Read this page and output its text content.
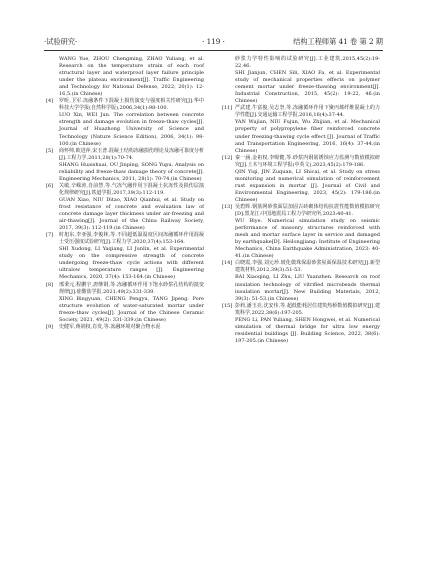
·试验研究·	· 119 ·	结构工程师第 41 卷 第 2 期

WANG Yue, ZHOU Chengming, ZHAO Yuliang, et al. Research on the temperature strain of each roof structural layer and waterproof layer failure principle under the plateau environment[J]. Traffic Engineering and Technology for National Defense, 2022, 20(1): 12-16,5.(in Chinese)

[4]	罗昕,卫军.冻融条件下混凝土损伤演变与强度相关性研究[J].华中科技大学学报(自然科学版),2006,34(1):98-100.

LUO Xin, WEI Jun. The correlation between concrete strength and damage evolution in freeze-thaw cycles[J]. Journal of Huazhong University of Science and Technology (Nature Science Edition), 2006, 34(1): 98-100.(in Chinese)

[5]	商怀帅,欧进萍,宋玉普.混凝土结构冻融损伤理论及冻融可靠度分析[J].工程力学,2011,28(1):70-74.

SHANG Huaishuai, OU Jinping, SONG Yupu. Analysis on reliability and freeze-thaw damage theory of concrete[J]. Engineering Mechanics, 2011, 28(1): 70-74.(in Chinese)

[6]	关敏,辛嵘涛,肖前慧,等.气冻气融作用下混凝土抗冻性及损伤层演化规律研究[J].铁道学报,2017,39(3):112-119.

GUAN Xiao, NIU Ditao, XIAO Qianhui, et al. Study on frost resistance of concrete and evaluation law of concrete damage layer thickness under air-freezing and air-thawing[J]. Journal of the China Railway Society, 2017, 39(3): 112-119.(in Chinese)

[7]	时旭东,李亚强,李俊林,等.不同超低温温度区间冻融循环作用混凝土受压强度试验研究[J].工程力学,2020,37(4):153-164.

SHI Xudong, LI Yaqiang, LI Junlin, et al. Experimental study on the compressive strength of concrete undergoing freeze-thaw cycle actions with different ultralow temperature ranges [J]. Engineering Mechanics, 2020, 37(4): 153-164.(in Chinese)

[8]	邢秉元,程鹏宇,唐继钢,等.冻融循环作用下饱水砂浆孔结构的演变规律[J].硅酸盐学报,2021,49(2):331-339.

XING Bingyuan, CHENG Pengyu, TANG Jipeng. Pore structure evolution of water-saturated mortar under freeze-thaw cycles[J]. Journal of the Chinese Ceramic Society, 2021, 49(2): 331-339.(in Chinese)

[9]	史健军,蒋润权,肖发,等.冻融环境对聚合物水泥

砂浆力学特性影响的试验研究[J].工业建筑,2015,45(2):19-22,46.

SHI Jianjun, CHEN Sili, XIAO Fa, et al. Experimental study of mechanical properties effects on polymer cement mortar under freeze-thawing environment[J]. Industrial Construction, 2015, 45(2): 19-22, 46.(in Chinese)

[11] 严武建,牛富俊,吴志坚,等.冻融循环作用下聚丙烯纤维混凝土的力学性能[J].交通运输工程学报,2016,16(4):37-44.

YAN Wujian, NIU Fujun, Wu Zhijian, et al. Mechanical property of polypropylene fiber reinforced concrete under freezing-thawing cycle effect [J]. Journal of Traffic and Transportation Engineering, 2016, 16(4): 37-44.(in Chinese)

[12] 秦一涵,金祖权,李喔健,等.砂浆内钢筋锈蚀应力监测与数值模拟研究[J].土木与环境工程学报(中英文),2023,45(2):179-186.

QIN Yiqi, JIN Zuquan, LI Shicai, et al. Study on stress monitoring and numerical simulation of reinforcement rust expansion in mortar [J]. Journal of Civil and Environmental Engineering, 2023, 45(2): 179-186.(in Chinese)

[13] 吴碧辉.钢筋网砂浆面层加固古砖砌体结构抗震性能数值模拟研究[D].黑龙江:中国地震局工程力学研究所,2023:40-41.

WU Biye. Numerical simulation study on seismic performance of masonry structures reinforced with mesh and mortar surface layer in service and damaged by earthquake[D]. Heilongjiang: Institute of Engineering Mechanics, China Earthquake Administration, 2023: 40-41.(in Chinese)

[14] 白晓霞,李强,刘元珍.玻化微珠保温砂浆屋面保温技术研究[J].新型建筑材料,2012,39(3):51-53.

BAI Xiaoqing, LI Zhu, LIU Yuanzhen. Research on roof insulation technology of vitrified microbeads thermal insulation mortar[J]. New Building Materials, 2012, 39(3): 51-53.(in Chinese)

[15] 彭莉,潘玉亮,沈安伟,等.超低能耗居住建筑热桥数值模拟研究[J].建筑科学,2022,38(6):197-205.

PENG Li, PAN Yuliang, SHEN Hongwei, et al. Numerical simulation of thermal bridge for ultra low energy residential buildings [J]. Building Science, 2022, 38(6): 197-205.(in Chinese)
